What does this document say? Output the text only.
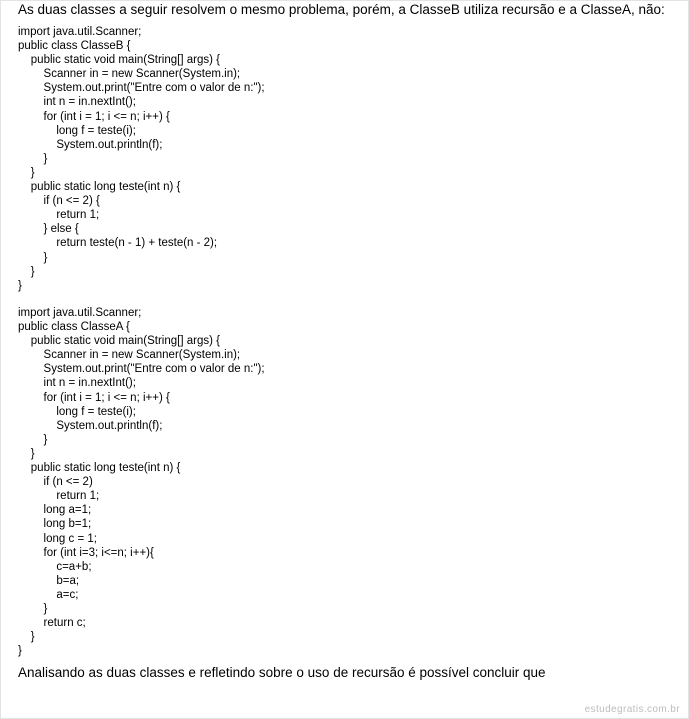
As duas classes a seguir resolvem o mesmo problema, porém, a ClasseB utiliza recursão e a ClasseA, não:
import java.util.Scanner;
public class ClasseB {
public static void main(String[] args) {
Scanner in = new Scanner(System.in);
System.out.print("Entre com o valor de n:");
int n = in.nextInt();
for (int i = 1; i <= n; i++) {
long f = teste(i);
System.out.println(f);
}
}
public static long teste(int n) {
if (n <= 2) {
return 1;
} else {
return teste(n - 1) + teste(n - 2);
}
}
}
import java.util.Scanner;
public class ClasseA {
public static void main(String[] args) {
Scanner in = new Scanner(System.in);
System.out.print("Entre com o valor de n:");
int n = in.nextInt();
for (int i = 1; i <= n; i++) {
long f = teste(i);
System.out.println(f);
}
}
public static long teste(int n) {
if (n <= 2)
return 1;
long a=1;
long b=1;
long c = 1;
for (int i=3; i<=n; i++){
c=a+b;
b=a;
a=c;
}
return c;
}
}
Analisando as duas classes e refletindo sobre o uso de recursão é possível concluir que
estudegratis.com.br
